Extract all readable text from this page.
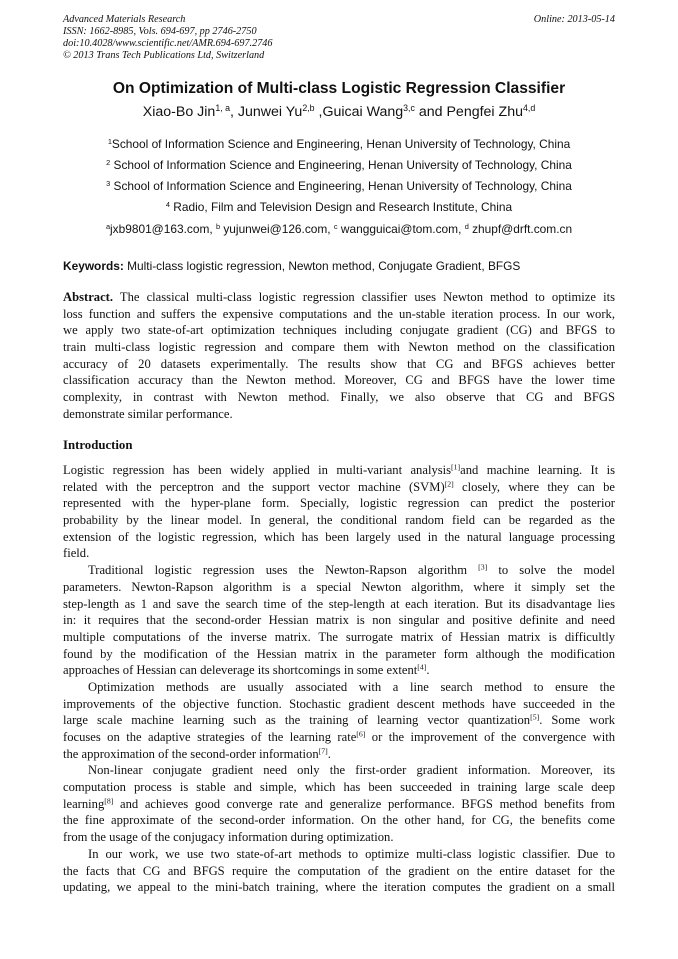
Advanced Materials Research
ISSN: 1662-8985, Vols. 694-697, pp 2746-2750
doi:10.4028/www.scientific.net/AMR.694-697.2746
© 2013 Trans Tech Publications Ltd, Switzerland
Online: 2013-05-14
On Optimization of Multi-class Logistic Regression Classifier
Xiao-Bo Jin$^{1, a}$, Junwei Yu$^{2,b}$ ,Guicai Wang$^{3,c}$ and Pengfei Zhu$^{4,d}$
$^1$School of Information Science and Engineering, Henan University of Technology, China
$^2$ School of Information Science and Engineering, Henan University of Technology, China
$^3$ School of Information Science and Engineering, Henan University of Technology, China
$^4$ Radio, Film and Television Design and Research Institute, China
$^a$jxb9801@163.com, $^b$ yujunwei@126.com, $^c$ wangguicai@tom.com, $^d$ zhupf@drft.com.cn
Keywords: Multi-class logistic regression, Newton method, Conjugate Gradient, BFGS
Abstract. The classical multi-class logistic regression classifier uses Newton method to optimize its
loss function and suffers the expensive computations and the un-stable iteration process. In our work,
we apply two state-of-art optimization techniques including conjugate gradient (CG) and BFGS to
train multi-class logistic regression and compare them with Newton method on the classification
accuracy of 20 datasets experimentally. The results show that CG and BFGS achieves better
classification accuracy than the Newton method. Moreover, CG and BFGS have the lower time
complexity, in contrast with Newton method. Finally, we also observe that CG and BFGS
demonstrate similar performance.
Introduction
Logistic regression has been widely applied in multi-variant analysis[1]and machine learning. It is
related with the perceptron and the support vector machine (SVM)[2] closely, where they can be
represented with the hyper-plane form. Specially, logistic regression can predict the posterior
probability by the linear model. In general, the conditional random field can be regarded as the
extension of the logistic regression, which has been largely used in the natural language processing
field.
Traditional logistic regression uses the Newton-Rapson algorithm [3] to solve the model
parameters. Newton-Rapson algorithm is a special Newton algorithm, where it simply set the
step-length as 1 and save the search time of the step-length at each iteration. But its disadvantage lies
in: it requires that the second-order Hessian matrix is non singular and positive definite and need
multiple computations of the inverse matrix. The surrogate matrix of Hessian matrix is difficultly
found by the modification of the Hessian matrix in the parameter form although the modification
approaches of Hessian can deleverage its shortcomings in some extent[4].
Optimization methods are usually associated with a line search method to ensure the
improvements of the objective function. Stochastic gradient descent methods have succeeded in the
large scale machine learning such as the training of learning vector quantization[5]. Some work
focuses on the adaptive strategies of the learning rate[6] or the improvement of the convergence with
the approximation of the second-order information[7].
Non-linear conjugate gradient need only the first-order gradient information. Moreover, its
computation process is stable and simple, which has been succeeded in training large scale deep
learning[8] and achieves good converge rate and generalize performance. BFGS method benefits from
the fine approximate of the second-order information. On the other hand, for CG, the benefits come
from the usage of the conjugacy information during optimization.
In our work, we use two state-of-art methods to optimize multi-class logistic classifier. Due to
the facts that CG and BFGS require the computation of the gradient on the entire dataset for the
updating, we appeal to the mini-batch training, where the iteration computes the gradient on a small
